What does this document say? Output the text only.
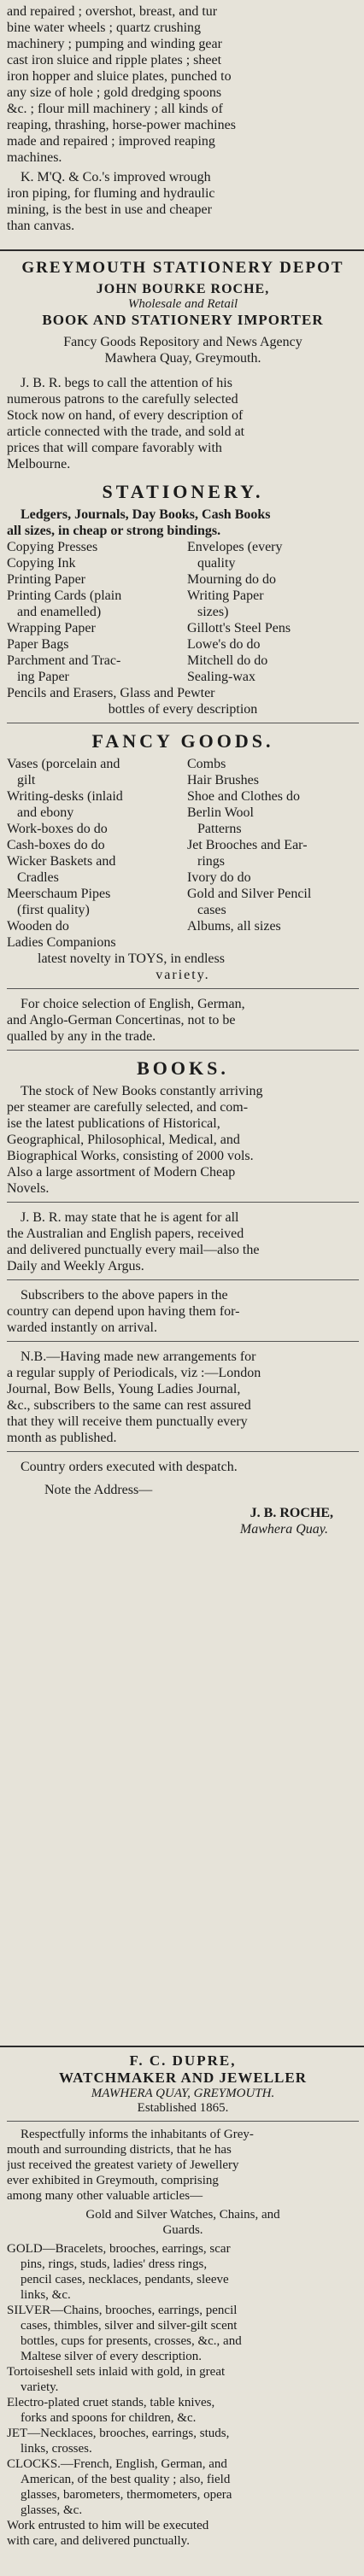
and repaired ; overshot, breast, and tur
bine water wheels ; quartz crushing
machinery ; pumping and winding gear
cast iron sluice and ripple plates ; sheet
iron hopper and sluice plates, punched to
any size of hole ; gold dredging spoons
&c. ; flour mill machinery ; all kinds of
reaping, thrashing, horse-power machines
made and repaired ; improved reaping
machines.
K. M'Q. & Co.'s improved wrough
iron piping, for fluming and hydraulic
mining, is the best in use and cheaper
than canvas.
GREYMOUTH STATIONERY DEPOT
JOHN BOURKE ROCHE,
Wholesale and Retail
BOOK AND STATIONERY IMPORTER
Fancy Goods Repository and News Agency
Mawhera Quay, Greymouth.
J. B. R. begs to call the attention of his
numerous patrons to the carefully selected
Stock now on hand, of every description of
article connected with the trade, and sold at
prices that will compare favorably with
Melbourne.
STATIONERY.
Ledgers, Journals, Day Books, Cash Books
all sizes, in cheap or strong bindings.
Copying Presses	Envelopes (every
Copying Ink	quality
Printing Paper	Mourning do do
Printing Cards (plain	Writing Paper
and enamelled)	sizes)
Wrapping Paper	Gillott's Steel Pens
Paper Bags	Lowe's do do
Parchment and Trac-	Mitchell do do
ing Paper	Sealing-wax
Pencils and Erasers, Glass and Pewter
bottles of every description
FANCY GOODS.
Vases (porcelain and	Combs
gilt	Hair Brushes
Writing-desks (inlaid	Shoe and Clothes do
and ebony	Berlin Wool
Work-boxes do do	Patterns
Cash-boxes do do	Jet Brooches and Ear-
Wicker Baskets and	rings
Cradles	Ivory do do
Meerschaum Pipes	Gold and Silver Pencil
(first quality)	cases
Wooden do	Albums, all sizes
Ladies Companions
latest novelty in TOYS, in endless
variety.
For choice selection of English, German,
and Anglo-German Concertinas, not to be
qualled by any in the trade.
BOOKS.
The stock of New Books constantly arriving
per steamer are carefully selected, and com-
ise the latest publications of Historical,
Geographical, Philosophical, Medical, and
Biographical Works, consisting of 2000 vols.
Also a large assortment of Modern Cheap
Novels.
J. B. R. may state that he is agent for all
the Australian and English papers, received
and delivered punctually every mail—also the
Daily and Weekly Argus.
Subscribers to the above papers in the
country can depend upon having them for-
warded instantly on arrival.
N.B.—Having made new arrangements for
a regular supply of Periodicals, viz :—London
Journal, Bow Bells, Young Ladies Journal,
&c., subscribers to the same can rest assured
that they will receive them punctually every
month as published.
Country orders executed with despatch.
Note the Address—
J. B. ROCHE,
Mawhera Quay.
F. C. DUPRE,
WATCHMAKER AND JEWELLER
MAWHERA QUAY, GREYMOUTH.
Established 1865.
Respectfully informs the inhabitants of Grey-
mouth and surrounding districts, that he has
just received the greatest variety of Jewellery
ever exhibited in Greymouth, comprising
among many other valuable articles—
Gold and Silver Watches, Chains, and
Guards.
GOLD—Bracelets, brooches, earrings, scar
pins, rings, studs, ladies' dress rings,
pencil cases, necklaces, pendants, sleeve
links, &c.
SILVER—Chains, brooches, earrings, pencil
cases, thimbles, silver and silver-gilt scent
bottles, cups for presents, crosses, &c., and
Maltese silver of every description.
Tortoiseshell sets inlaid with gold, in great
variety.
Electro-plated cruet stands, table knives,
forks and spoons for children, &c.
JET—Necklaces, brooches, earrings, studs,
links, crosses.
CLOCKS.—French, English, German, and
American, of the best quality ; also, field
glasses, barometers, thermometers, opera
glasses, &c.
Work entrusted to him will be executed
with care, and delivered punctually.
